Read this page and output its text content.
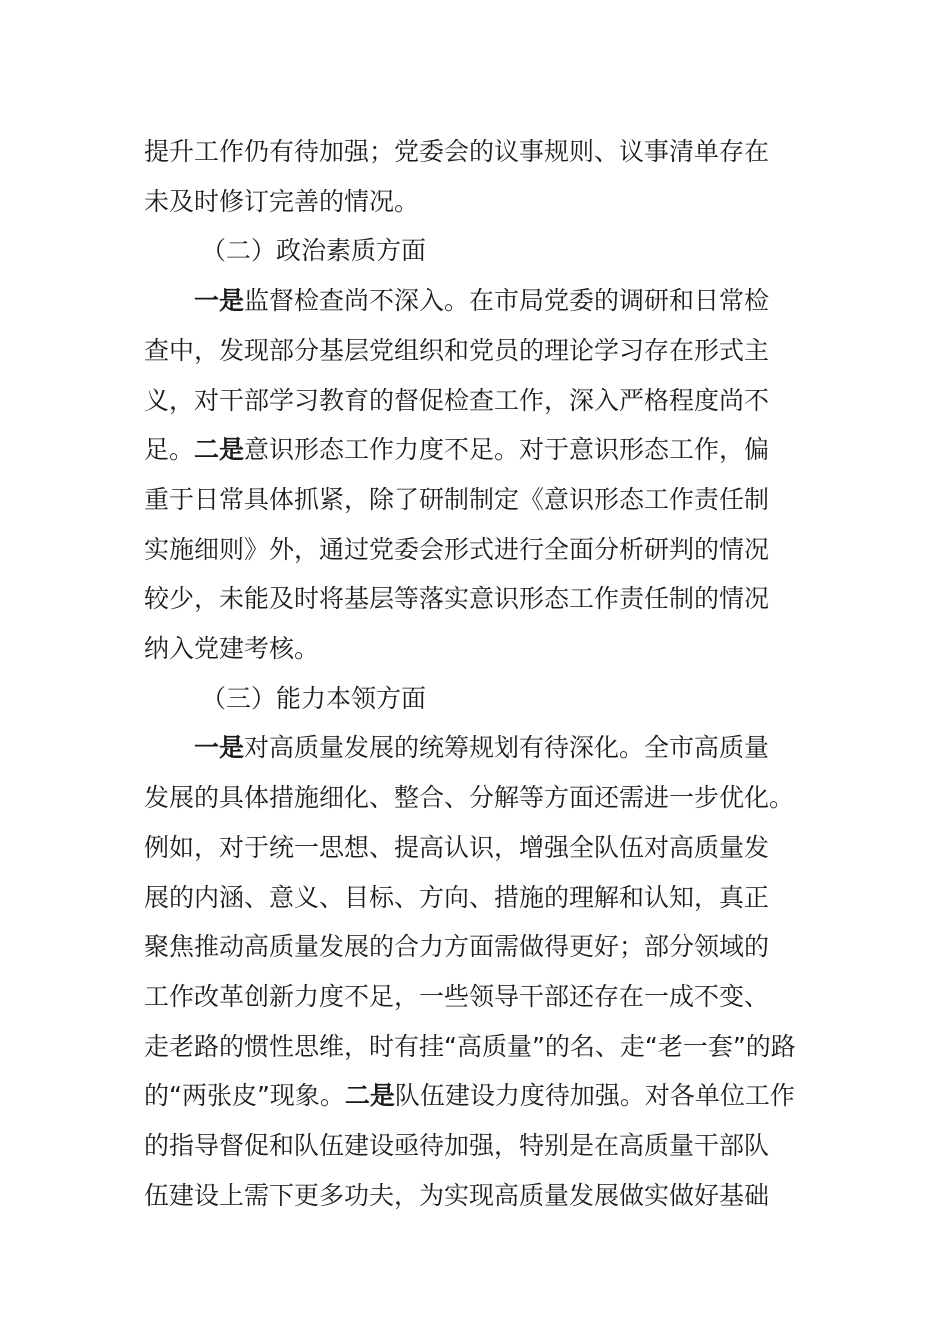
提升工作仍有待加强；党委会的议事规则、议事清单存在
未及时修订完善的情况。
（二）政治素质方面
一是监督检查尚不深入。在市局党委的调研和日常检
查中，发现部分基层党组织和党员的理论学习存在形式主
义，对干部学习教育的督促检查工作，深入严格程度尚不
足。二是意识形态工作力度不足。对于意识形态工作，偏
重于日常具体抓紧，除了研制制定《意识形态工作责任制
实施细则》外，通过党委会形式进行全面分析研判的情况
较少，未能及时将基层等落实意识形态工作责任制的情况
纳入党建考核。
（三）能力本领方面
一是对高质量发展的统筹规划有待深化。全市高质量
发展的具体措施细化、整合、分解等方面还需进一步优化。
例如，对于统一思想、提高认识，增强全队伍对高质量发
展的内涵、意义、目标、方向、措施的理解和认知，真正
聚焦推动高质量发展的合力方面需做得更好；部分领域的
工作改革创新力度不足，一些领导干部还存在一成不变、
走老路的惯性思维，时有挂“高质量”的名、走“老一套”的路
的“两张皮”现象。二是队伍建设力度待加强。对各单位工作
的指导督促和队伍建设亟待加强，特别是在高质量干部队
伍建设上需下更多功夫，为实现高质量发展做实做好基础
